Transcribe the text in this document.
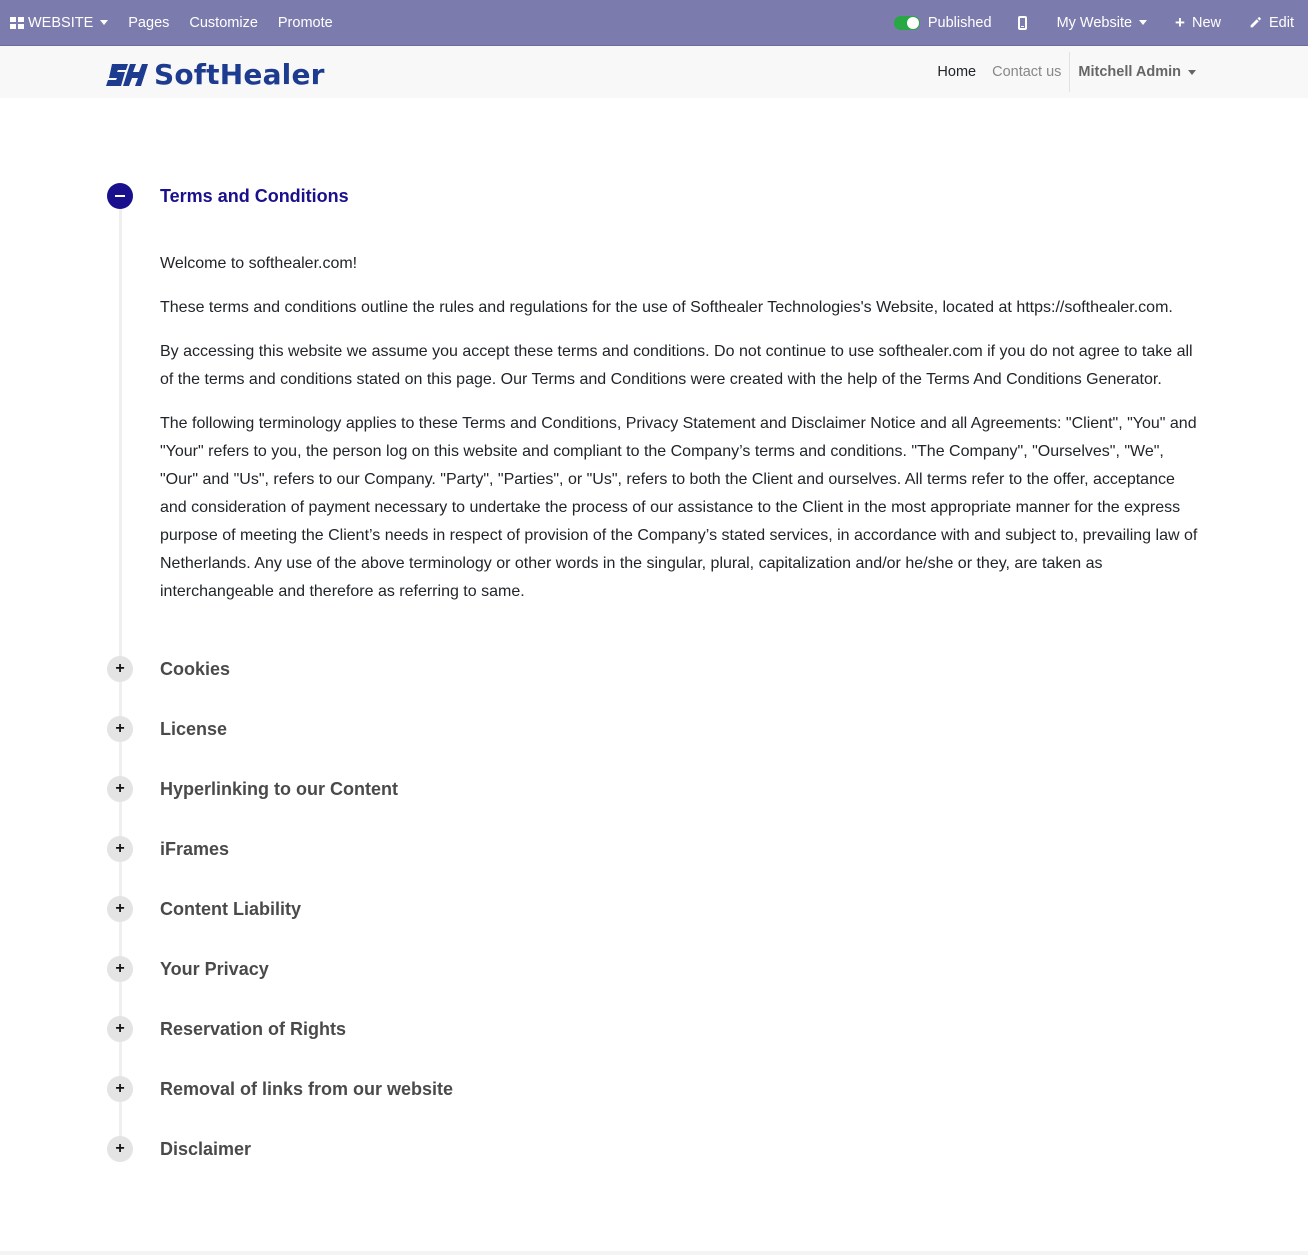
WEBSITE	Pages	Customize	Promote	Published	My Website	+ New	Edit
SoftHealer	Home	Contact us	Mitchell Admin
Terms and Conditions

Welcome to softhealer.com!

These terms and conditions outline the rules and regulations for the use of Softhealer Technologies's Website, located at https://softhealer.com.

By accessing this website we assume you accept these terms and conditions. Do not continue to use softhealer.com if you do not agree to take all of the terms and conditions stated on this page. Our Terms and Conditions were created with the help of the Terms And Conditions Generator.

The following terminology applies to these Terms and Conditions, Privacy Statement and Disclaimer Notice and all Agreements: "Client", "You" and "Your" refers to you, the person log on this website and compliant to the Company’s terms and conditions. "The Company", "Ourselves", "We", "Our" and "Us", refers to our Company. "Party", "Parties", or "Us", refers to both the Client and ourselves. All terms refer to the offer, acceptance and consideration of payment necessary to undertake the process of our assistance to the Client in the most appropriate manner for the express purpose of meeting the Client’s needs in respect of provision of the Company’s stated services, in accordance with and subject to, prevailing law of Netherlands. Any use of the above terminology or other words in the singular, plural, capitalization and/or he/she or they, are taken as interchangeable and therefore as referring to same.

+	Cookies
+	License
+	Hyperlinking to our Content
+	iFrames
+	Content Liability
+	Your Privacy
+	Reservation of Rights
+	Removal of links from our website
+	Disclaimer
